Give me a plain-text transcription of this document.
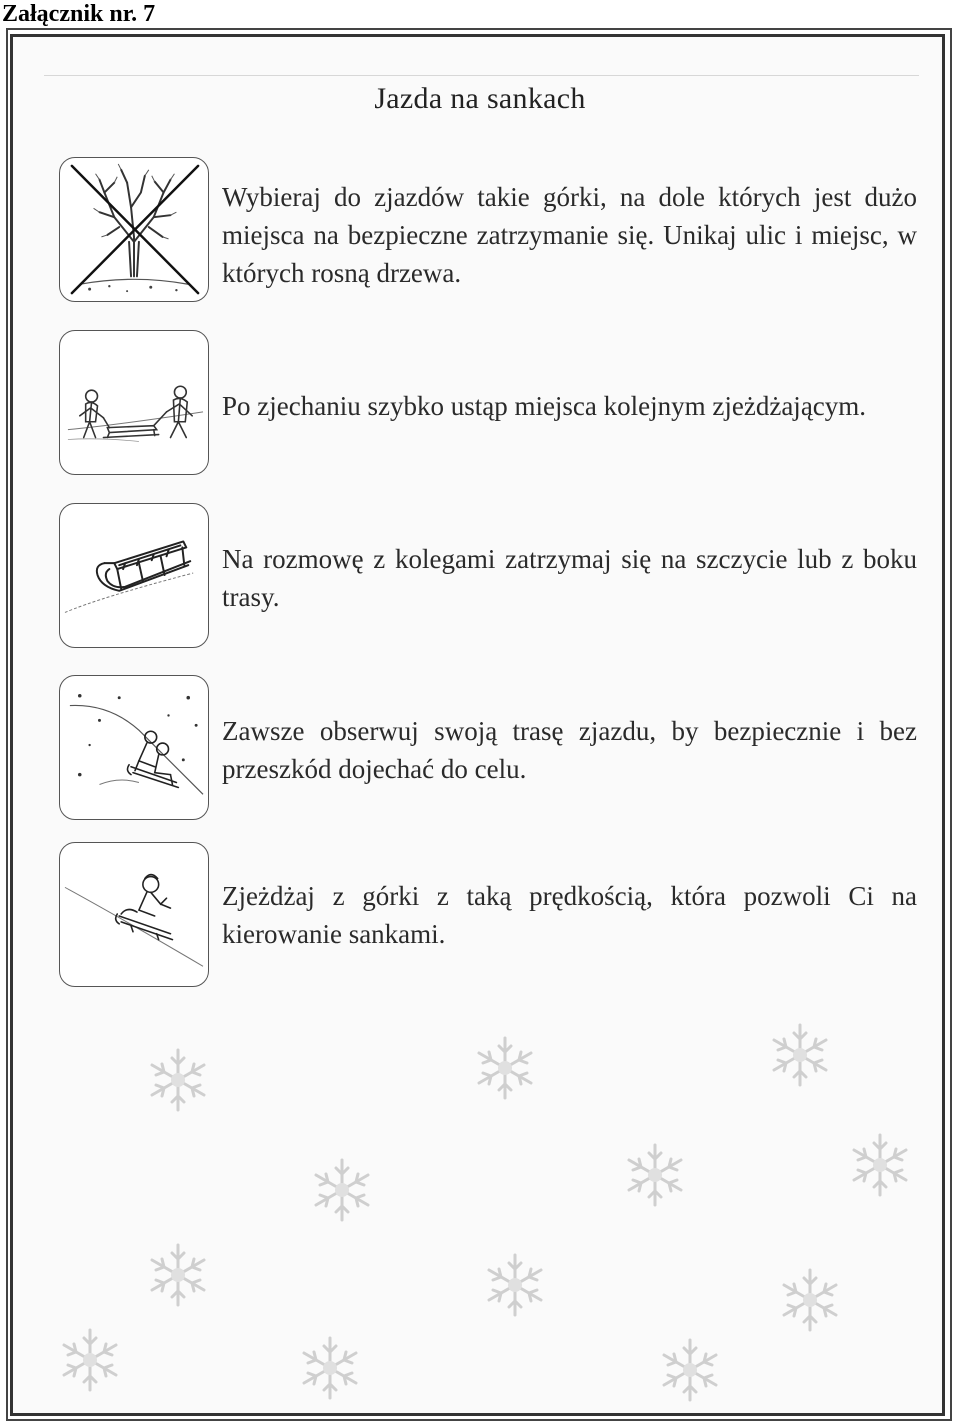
Załącznik nr. 7
Jazda na sankach
Wybieraj do zjazdów takie górki, na dole których jest dużo miejsca na bezpieczne zatrzymanie się. Unikaj ulic i miejsc, w których rosną drzewa.
Po zjechaniu szybko ustąp miejsca kolejnym zjeżdżającym.
Na rozmowę z kolegami zatrzymaj się na szczycie lub z boku trasy.
Zawsze obserwuj swoją trasę zjazdu, by bezpiecznie i bez przeszkód dojechać do celu.
Zjeżdżaj z górki z taką prędkością, która pozwoli Ci na kierowanie sankami.
